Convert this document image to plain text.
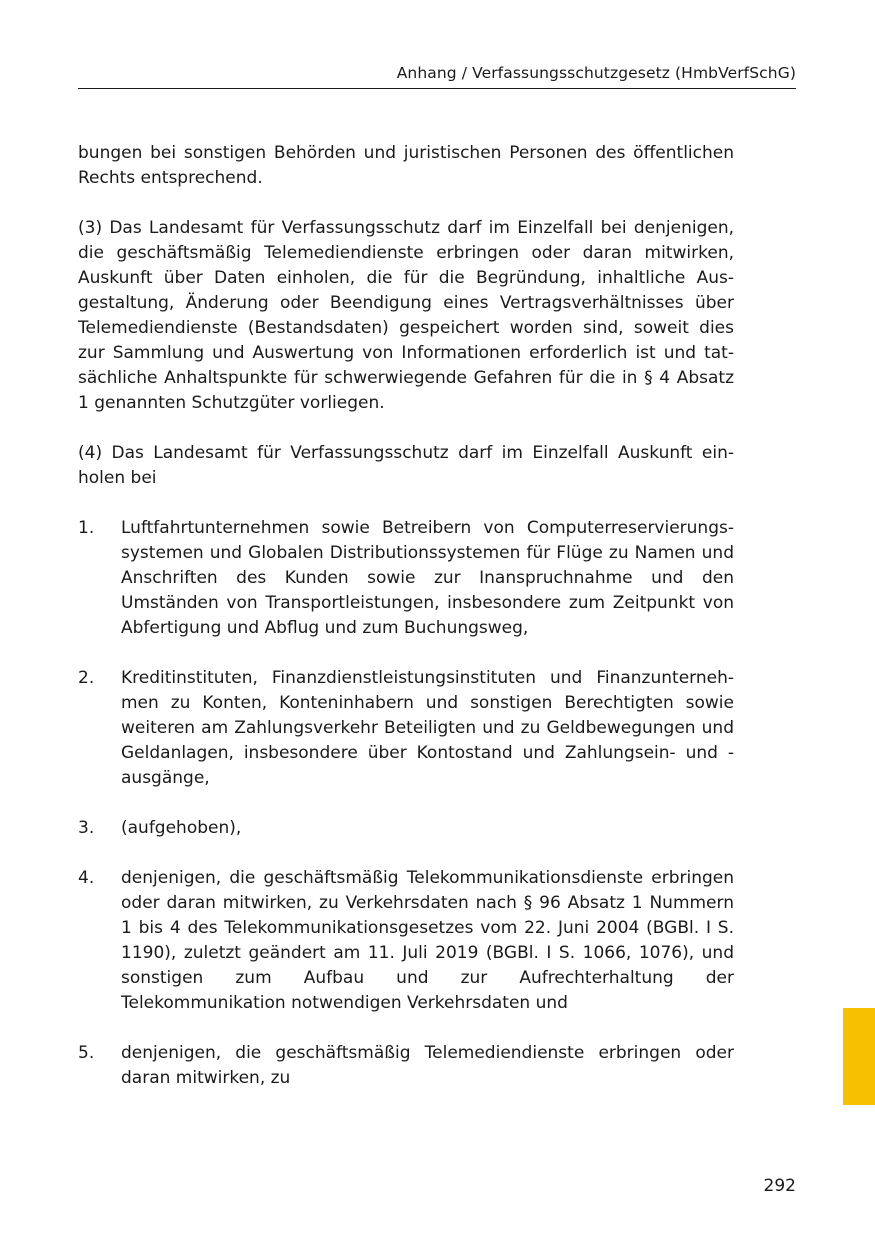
Anhang / Verfassungsschutzgesetz (HmbVerfSchG)

bungen bei sonstigen Behörden und juristischen Personen des öffentlichen Rechts entsprechend.

(3) Das Landesamt für Verfassungsschutz darf im Einzelfall bei denjenigen, die geschäftsmäßig Telemediendienste erbringen oder daran mitwirken, Auskunft über Daten einholen, die für die Begründung, inhaltliche Ausgestaltung, Änderung oder Beendigung eines Vertragsverhältnisses über Telemediendienste (Bestandsdaten) gespeichert worden sind, soweit dies zur Sammlung und Auswertung von Informationen erforderlich ist und tatsächliche Anhaltspunkte für schwerwiegende Gefahren für die in § 4 Absatz 1 genannten Schutzgüter vorliegen.

(4) Das Landesamt für Verfassungsschutz darf im Einzelfall Auskunft einholen bei

1.	Luftfahrtunternehmen sowie Betreibern von Computerreservierungssystemen und Globalen Distributionssystemen für Flüge zu Namen und Anschriften des Kunden sowie zur Inanspruchnahme und den Umständen von Transportleistungen, insbesondere zum Zeitpunkt von Abfertigung und Abflug und zum Buchungsweg,
2.	Kreditinstituten, Finanzdienstleistungsinstituten und Finanzunternehmen zu Konten, Konteninhabern und sonstigen Berechtigten sowie weiteren am Zahlungsverkehr Beteiligten und zu Geldbewegungen und Geldanlagen, insbesondere über Kontostand und Zahlungsein- und -ausgänge,
3.	(aufgehoben),
4.	denjenigen, die geschäftsmäßig Telekommunikationsdienste erbringen oder daran mitwirken, zu Verkehrsdaten nach § 96 Absatz 1 Nummern 1 bis 4 des Telekommunikationsgesetzes vom 22. Juni 2004 (BGBl. I S. 1190), zuletzt geändert am 11. Juli 2019 (BGBl. I S. 1066, 1076), und sonstigen zum Aufbau und zur Aufrechterhaltung der Telekommunikation notwendigen Verkehrsdaten und
5.	denjenigen, die geschäftsmäßig Telemediendienste erbringen oder daran mitwirken, zu
292
